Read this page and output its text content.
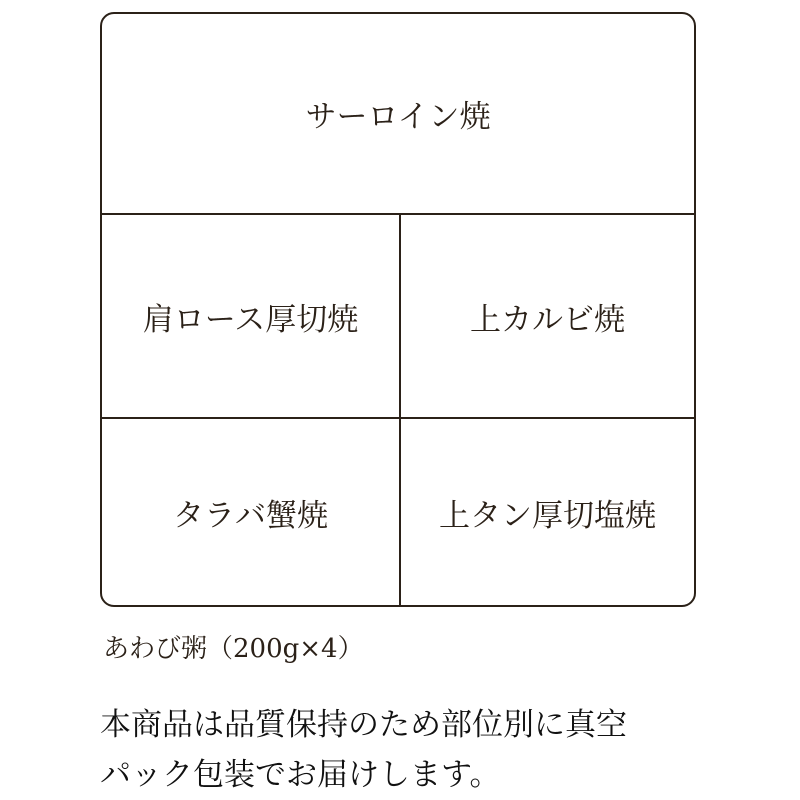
サーロイン焼
肩ロース厚切焼	上カルビ焼
タラバ蟹焼	上タン厚切塩焼
あわび粥（200g×4）
本商品は品質保持のため部位別に真空
パック包装でお届けします。
